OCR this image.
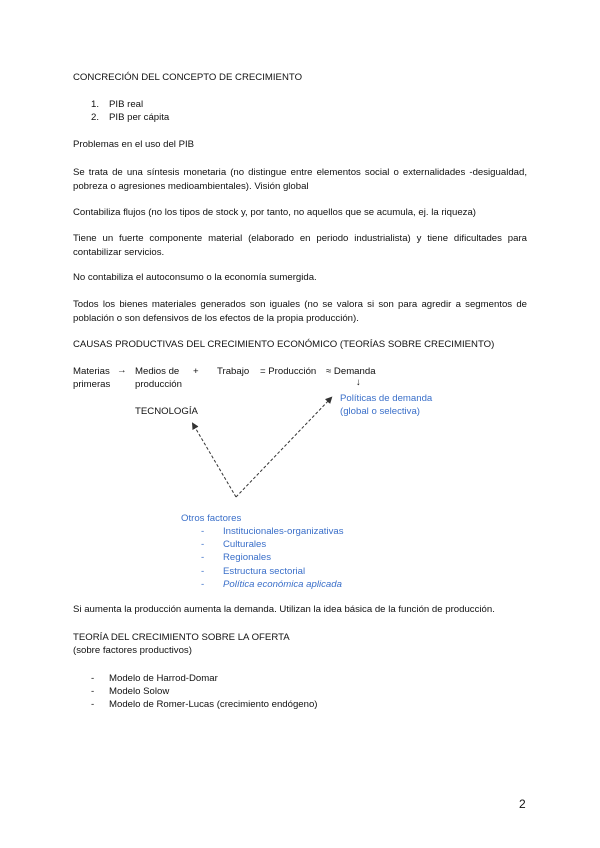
CONCRECIÓN DEL CONCEPTO DE CRECIMIENTO
1. PIB real
2. PIB per cápita
Problemas en el uso del PIB
Se trata de una síntesis monetaria (no distingue entre elementos social o externalidades -desigualdad, pobreza o agresiones medioambientales). Visión global
Contabiliza flujos (no los tipos de stock y, por tanto, no aquellos que se acumula, ej. la riqueza)
Tiene un fuerte componente material (elaborado en periodo industrialista) y tiene dificultades para contabilizar servicios.
No contabiliza el autoconsumo o la economía sumergida.
Todos los bienes materiales generados son iguales (no se valora si son para agredir a segmentos de población o son defensivos de los efectos de la propia producción).
CAUSAS PRODUCTIVAS DEL CRECIMIENTO ECONÓMICO (TEORÍAS SOBRE CRECIMIENTO)
Materias
primeras
→ Medios de
producción
+ Trabajo = Producción ≈ Demanda
↓
Políticas de demanda
(global o selectiva)
TECNOLOGÍA
Otros factores
- Institucionales-organizativas
- Culturales
- Regionales
- Estructura sectorial
- Política económica aplicada
Si aumenta la producción aumenta la demanda. Utilizan la idea básica de la función de producción.
TEORÍA DEL CRECIMIENTO SOBRE LA OFERTA
(sobre factores productivos)
- Modelo de Harrod-Domar
- Modelo Solow
- Modelo de Romer-Lucas (crecimiento endógeno)
2
